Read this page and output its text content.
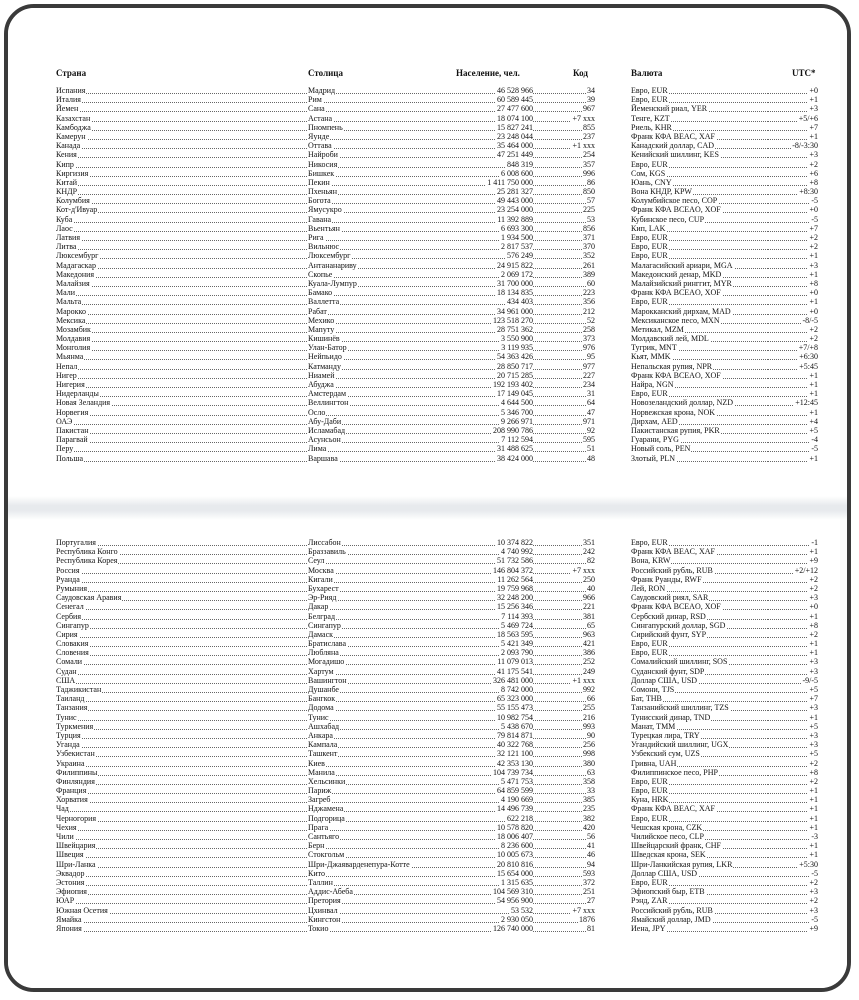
Страна	Столица	Население, чел.	Код	Валюта	UTC*
Испания	Мадрид	46 528 966	34	Евро, EUR	+0
Италия	Рим	60 589 445	39	Евро, EUR	+1
Йемен	Сана	27 477 600	967	Йеменский риал, YER	+3
Казахстан	Астана	18 074 100	+7 xxx	Тенге, KZT	+5/+6
Камбоджа	Пномпень	15 827 241	855	Риель, KHR	+7
Камерун	Яунде	23 248 044	237	Франк КФА BEAC, XAF	+1
Канада	Оттава	35 464 000	+1 xxx	Канадский доллар, CAD	-8/-3:30
Кения	Найроби	47 251 449	254	Кенийский шиллинг, KES	+3
Кипр	Никосия	848 319	357	Евро, EUR	+2
Киргизия	Бишкек	6 008 600	996	Сом, KGS	+6
Китай	Пекин	1 411 750 000	86	Юань, CNY	+8
КНДР	Пхеньян	25 281 327	850	Вона КНДР, KPW	+8:30
Колумбия	Богота	49 443 000	57	Колумбийское песо, COP	-5
Кот-д'Ивуар	Ямусукро	23 254 000	225	Франк КФА BCEAO, XOF	+0
Куба	Гавана	11 392 889	53	Кубинское песо, CUP	-5
Лаос	Вьентьян	6 693 300	856	Кип, LAK	+7
Латвия	Рига	1 934 500	371	Евро, EUR	+2
Литва	Вильнюс	2 817 537	370	Евро, EUR	+2
Люксембург	Люксембург	576 249	352	Евро, EUR	+1
Мадагаскар	Антананариву	24 915 822	261	Малагасийский ариари, MGA	+3
Македония	Скопье	2 069 172	389	Македонский денар, MKD	+1
Малайзия	Куала-Лумпур	31 700 000	60	Малайзийский ринггит, MYR	+8
Мали	Бамако	18 134 835	223	Франк КФА BCEAO, XOF	+0
Мальта	Валлетта	434 403	356	Евро, EUR	+1
Марокко	Рабат	34 961 000	212	Марокканский дирхам, MAD	+0
Мексика	Мехико	123 518 270	52	Мексиканское песо, MXN	-8/-5
Мозамбик	Мапуту	28 751 362	258	Метикал, MZM	+2
Молдавия	Кишинёв	3 550 900	373	Молдавский лей, MDL	+2
Монголия	Улан-Батор	3 119 935	976	Тугрик, MNT	+7/+8
Мьянма	Нейпьидо	54 363 426	95	Кьят, MMK	+6:30
Непал	Катманду	28 850 717	977	Непальская рупия, NPR	+5:45
Нигер	Ниамей	20 715 285	227	Франк КФА BCEAO, XOF	+1
Нигерия	Абуджа	192 193 402	234	Найра, NGN	+1
Нидерланды	Амстердам	17 149 045	31	Евро, EUR	+1
Новая Зеландия	Веллингтон	4 644 500	64	Новозеландский доллар, NZD	+12:45
Норвегия	Осло	5 346 700	47	Норвежская крона, NOK	+1
ОАЭ	Абу-Даби	9 266 971	971	Дирхам, AED	+4
Пакистан	Исламабад	208 990 786	92	Пакистанская рупия, PKR	+5
Парагвай	Асунсьон	7 112 594	595	Гуарани, PYG	-4
Перу	Лима	31 488 625	51	Новый соль, PEN	-5
Польша	Варшава	38 424 000	48	Злотый, PLN	+1
Португалия	Лиссабон	10 374 822	351	Евро, EUR	-1
Республика Конго	Браззавиль	4 740 992	242	Франк КФА BEAC, XAF	+1
Республика Корея	Сеул	51 732 586	82	Вона, KRW	+9
Россия	Москва	146 804 372	+7 xxx	Российский рубль, RUB	+2/+12
Руанда	Кигали	11 262 564	250	Франк Руанды, RWF	+2
Румыния	Бухарест	19 759 968	40	Лей, RON	+2
Саудовская Аравия	Эр-Рияд	32 248 200	966	Саудовский риял, SAR	+3
Сенегал	Дакар	15 256 346	221	Франк КФА BCEAO, XOF	+0
Сербия	Белград	7 114 393	381	Сербский динар, RSD	+1
Сингапур	Сингапур	5 469 724	65	Сингапурский доллар, SGD	+8
Сирия	Дамаск	18 563 595	963	Сирийский фунт, SYP	+2
Словакия	Братислава	5 421 349	421	Евро, EUR	+1
Словения	Любляна	2 093 790	386	Евро, EUR	+1
Сомали	Могадишо	11 079 013	252	Сомалийский шиллинг, SOS	+3
Судан	Хартум	41 175 541	249	Суданский фунт, SDP	+3
США	Вашингтон	326 481 000	+1 xxx	Доллар США, USD	-9/-5
Таджикистан	Душанбе	8 742 000	992	Сомони, TJS	+5
Таиланд	Бангкок	65 323 000	66	Бат, THB	+7
Танзания	Додома	55 155 473	255	Танзанийский шиллинг, TZS	+3
Тунис	Тунис	10 982 754	216	Тунисский динар, TND	+1
Туркмения	Ашхабад	5 438 670	993	Манат, TMM	+5
Турция	Анкара	79 814 871	90	Турецкая лира, TRY	+3
Уганда	Кампала	40 322 768	256	Угандийский шиллинг, UGX	+3
Узбекистан	Ташкент	32 121 100	998	Узбекский сум, UZS	+5
Украина	Киев	42 353 130	380	Гривна, UAH	+2
Филиппины	Манила	104 739 734	63	Филиппинское песо, PHP	+8
Финляндия	Хельсинки	5 471 753	358	Евро, EUR	+2
Франция	Париж	64 859 599	33	Евро, EUR	+1
Хорватия	Загреб	4 190 669	385	Куна, HRK	+1
Чад	Нджамена	14 496 739	235	Франк КФА BEAC, XAF	+1
Черногория	Подгорица	622 218	382	Евро, EUR	+1
Чехия	Прага	10 578 820	420	Чешская крона, CZK	+1
Чили	Сантьяго	18 006 407	56	Чилийское песо, CLP	-3
Швейцария	Берн	8 236 600	41	Швейцарский франк, CHF	+1
Швеция	Стокгольм	10 005 673	46	Шведская крона, SEK	+1
Шри-Ланка	Шри-Джаяварденепура-Котте	20 810 816	94	Шри-Ланкийская рупия, LKR	+5:30
Эквадор	Кито	15 654 000	593	Доллар США, USD	-5
Эстония	Таллин	1 315 635	372	Евро, EUR	+2
Эфиопия	Аддис-Абеба	104 569 310	251	Эфиопский быр, ETB	+3
ЮАР	Претория	54 956 900	27	Рэнд, ZAR	+2
Южная Осетия	Цхинвал	53 532	+7 xxx	Российский рубль, RUB	+3
Ямайка	Кингстон	2 930 050	1876	Ямайский доллар, JMD	-5
Япония	Токио	126 740 000	81	Иена, JPY	+9
